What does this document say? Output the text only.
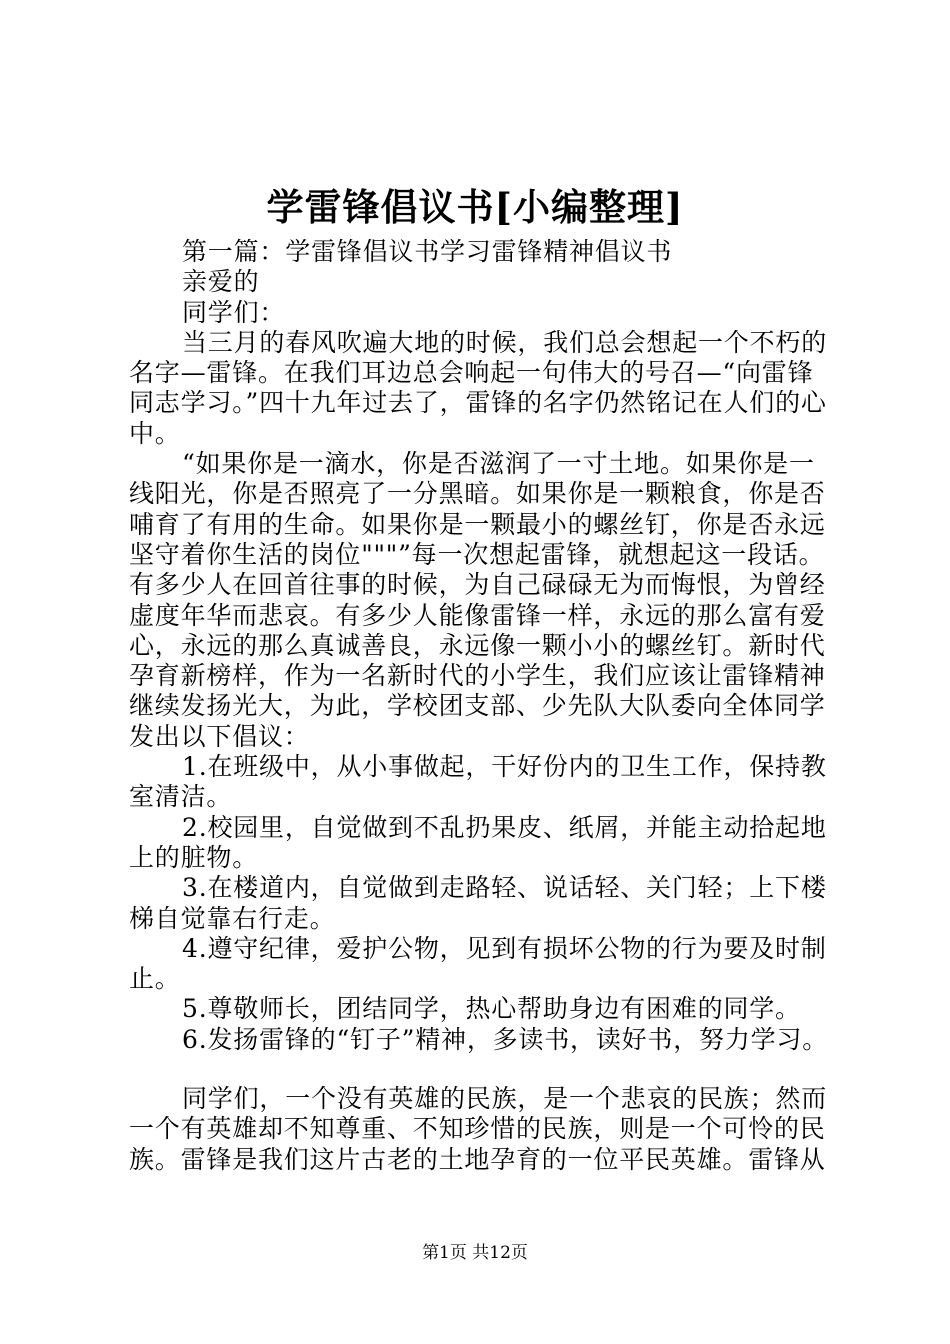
学雷锋倡议书[小编整理]

第一篇：学雷锋倡议书学习雷锋精神倡议书

亲爱的

同学们：

当三月的春风吹遍大地的时候，我们总会想起一个不朽的名字—雷锋。在我们耳边总会响起一句伟大的号召—“向雷锋同志学习。”四十九年过去了，雷锋的名字仍然铭记在人们的心中。

“如果你是一滴水，你是否滋润了一寸土地。如果你是一线阳光，你是否照亮了一分黑暗。如果你是一颗粮食，你是否哺育了有用的生命。如果你是一颗最小的螺丝钉，你是否永远坚守着你生活的岗位"""”每一次想起雷锋，就想起这一段话。有多少人在回首往事的时候，为自己碌碌无为而悔恨，为曾经虚度年华而悲哀。有多少人能像雷锋一样，永远的那么富有爱心，永远的那么真诚善良，永远像一颗小小的螺丝钉。新时代孕育新榜样，作为一名新时代的小学生，我们应该让雷锋精神继续发扬光大，为此，学校团支部、少先队大队委向全体同学发出以下倡议：

1.在班级中，从小事做起，干好份内的卫生工作，保持教室清洁。

2.校园里，自觉做到不乱扔果皮、纸屑，并能主动拾起地上的脏物。

3.在楼道内，自觉做到走路轻、说话轻、关门轻；上下楼梯自觉靠右行走。

4.遵守纪律，爱护公物，见到有损坏公物的行为要及时制止。

5.尊敬师长，团结同学，热心帮助身边有困难的同学。

6.发扬雷锋的“钉子”精神，多读书，读好书，努力学习。

同学们，一个没有英雄的民族，是一个悲哀的民族；然而一个有英雄却不知尊重、不知珍惜的民族，则是一个可怜的民族。雷锋是我们这片古老的土地孕育的一位平民英雄。雷锋从

第1页 共12页
